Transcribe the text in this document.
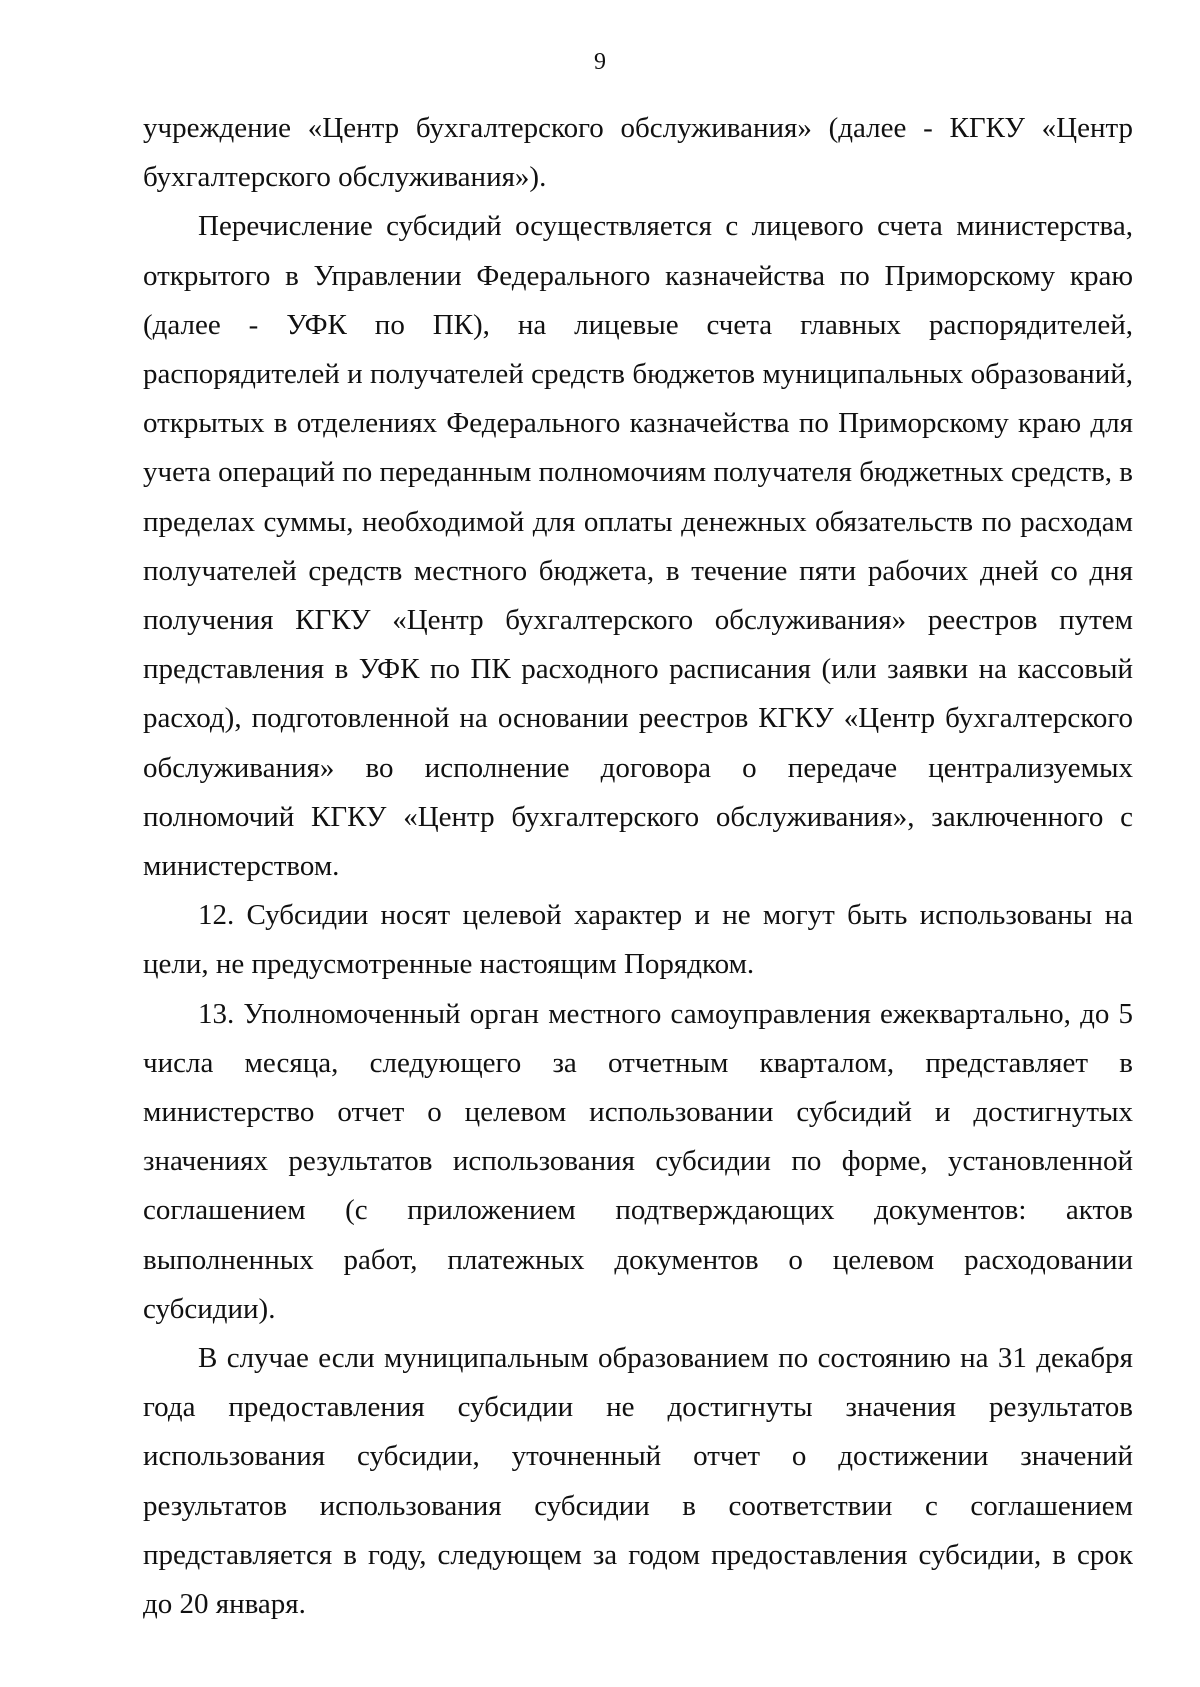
9

учреждение «Центр бухгалтерского обслуживания» (далее - КГКУ «Центр бухгалтерского обслуживания»).

Перечисление субсидий осуществляется с лицевого счета министерства, открытого в Управлении Федерального казначейства по Приморскому краю (далее - УФК по ПК), на лицевые счета главных распорядителей, распорядителей и получателей средств бюджетов муниципальных образований, открытых в отделениях Федерального казначейства по Приморскому краю для учета операций по переданным полномочиям получателя бюджетных средств, в пределах суммы, необходимой для оплаты денежных обязательств по расходам получателей средств местного бюджета, в течение пяти рабочих дней со дня получения КГКУ «Центр бухгалтерского обслуживания» реестров путем представления в УФК по ПК расходного расписания (или заявки на кассовый расход), подготовленной на основании реестров КГКУ «Центр бухгалтерского обслуживания» во исполнение договора о передаче централизуемых полномочий КГКУ «Центр бухгалтерского обслуживания», заключенного с министерством.

12. Субсидии носят целевой характер и не могут быть использованы на цели, не предусмотренные настоящим Порядком.

13. Уполномоченный орган местного самоуправления ежеквартально, до 5 числа месяца, следующего за отчетным кварталом, представляет в министерство отчет о целевом использовании субсидий и достигнутых значениях результатов использования субсидии по форме, установленной соглашением (с приложением подтверждающих документов: актов выполненных работ, платежных документов о целевом расходовании субсидии).

В случае если муниципальным образованием по состоянию на 31 декабря года предоставления субсидии не достигнуты значения результатов использования субсидии, уточненный отчет о достижении значений результатов использования субсидии в соответствии с соглашением представляется в году, следующем за годом предоставления субсидии, в срок до 20 января.
